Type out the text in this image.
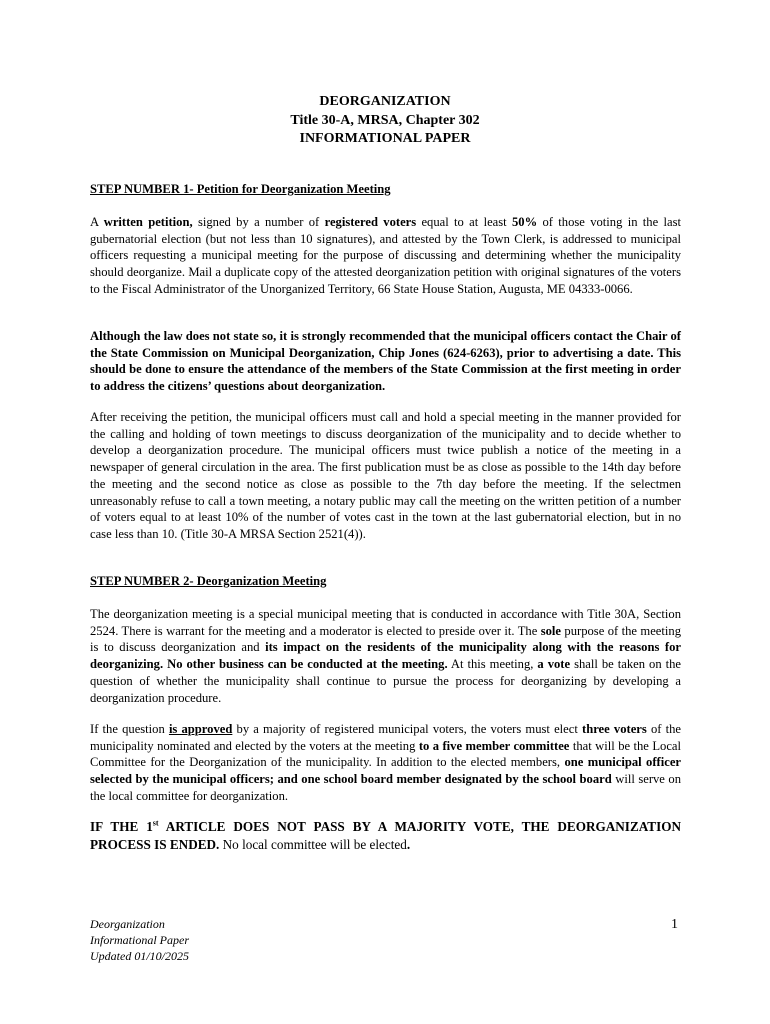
DEORGANIZATION
Title 30-A, MRSA, Chapter 302
INFORMATIONAL PAPER
STEP NUMBER 1- Petition for Deorganization Meeting

A written petition, signed by a number of registered voters equal to at least 50% of those voting in the last gubernatorial election (but not less than 10 signatures), and attested by the Town Clerk, is addressed to municipal officers requesting a municipal meeting for the purpose of discussing and determining whether the municipality should deorganize. Mail a duplicate copy of the attested deorganization petition with original signatures of the voters to the Fiscal Administrator of the Unorganized Territory, 66 State House Station, Augusta, ME 04333-0066.

Although the law does not state so, it is strongly recommended that the municipal officers contact the Chair of the State Commission on Municipal Deorganization, Chip Jones (624-6263), prior to advertising a date. This should be done to ensure the attendance of the members of the State Commission at the first meeting in order to address the citizens’ questions about deorganization.

After receiving the petition, the municipal officers must call and hold a special meeting in the manner provided for the calling and holding of town meetings to discuss deorganization of the municipality and to decide whether to develop a deorganization procedure. The municipal officers must twice publish a notice of the meeting in a newspaper of general circulation in the area. The first publication must be as close as possible to the 14th day before the meeting and the second notice as close as possible to the 7th day before the meeting. If the selectmen unreasonably refuse to call a town meeting, a notary public may call the meeting on the written petition of a number of voters equal to at least 10% of the number of votes cast in the town at the last gubernatorial election, but in no case less than 10. (Title 30-A MRSA Section 2521(4)).

STEP NUMBER 2- Deorganization Meeting

The deorganization meeting is a special municipal meeting that is conducted in accordance with Title 30A, Section 2524. There is warrant for the meeting and a moderator is elected to preside over it. The sole purpose of the meeting is to discuss deorganization and its impact on the residents of the municipality along with the reasons for deorganizing. No other business can be conducted at the meeting. At this meeting, a vote shall be taken on the question of whether the municipality shall continue to pursue the process for deorganizing by developing a deorganization procedure.

If the question is approved by a majority of registered municipal voters, the voters must elect three voters of the municipality nominated and elected by the voters at the meeting to a five member committee that will be the Local Committee for the Deorganization of the municipality. In addition to the elected members, one municipal officer selected by the municipal officers; and one school board member designated by the school board will serve on the local committee for deorganization.

IF THE 1st ARTICLE DOES NOT PASS BY A MAJORITY VOTE, THE DEORGANIZATION PROCESS IS ENDED. No local committee will be elected.
Deorganization
Informational Paper
Updated 01/10/2025
1
